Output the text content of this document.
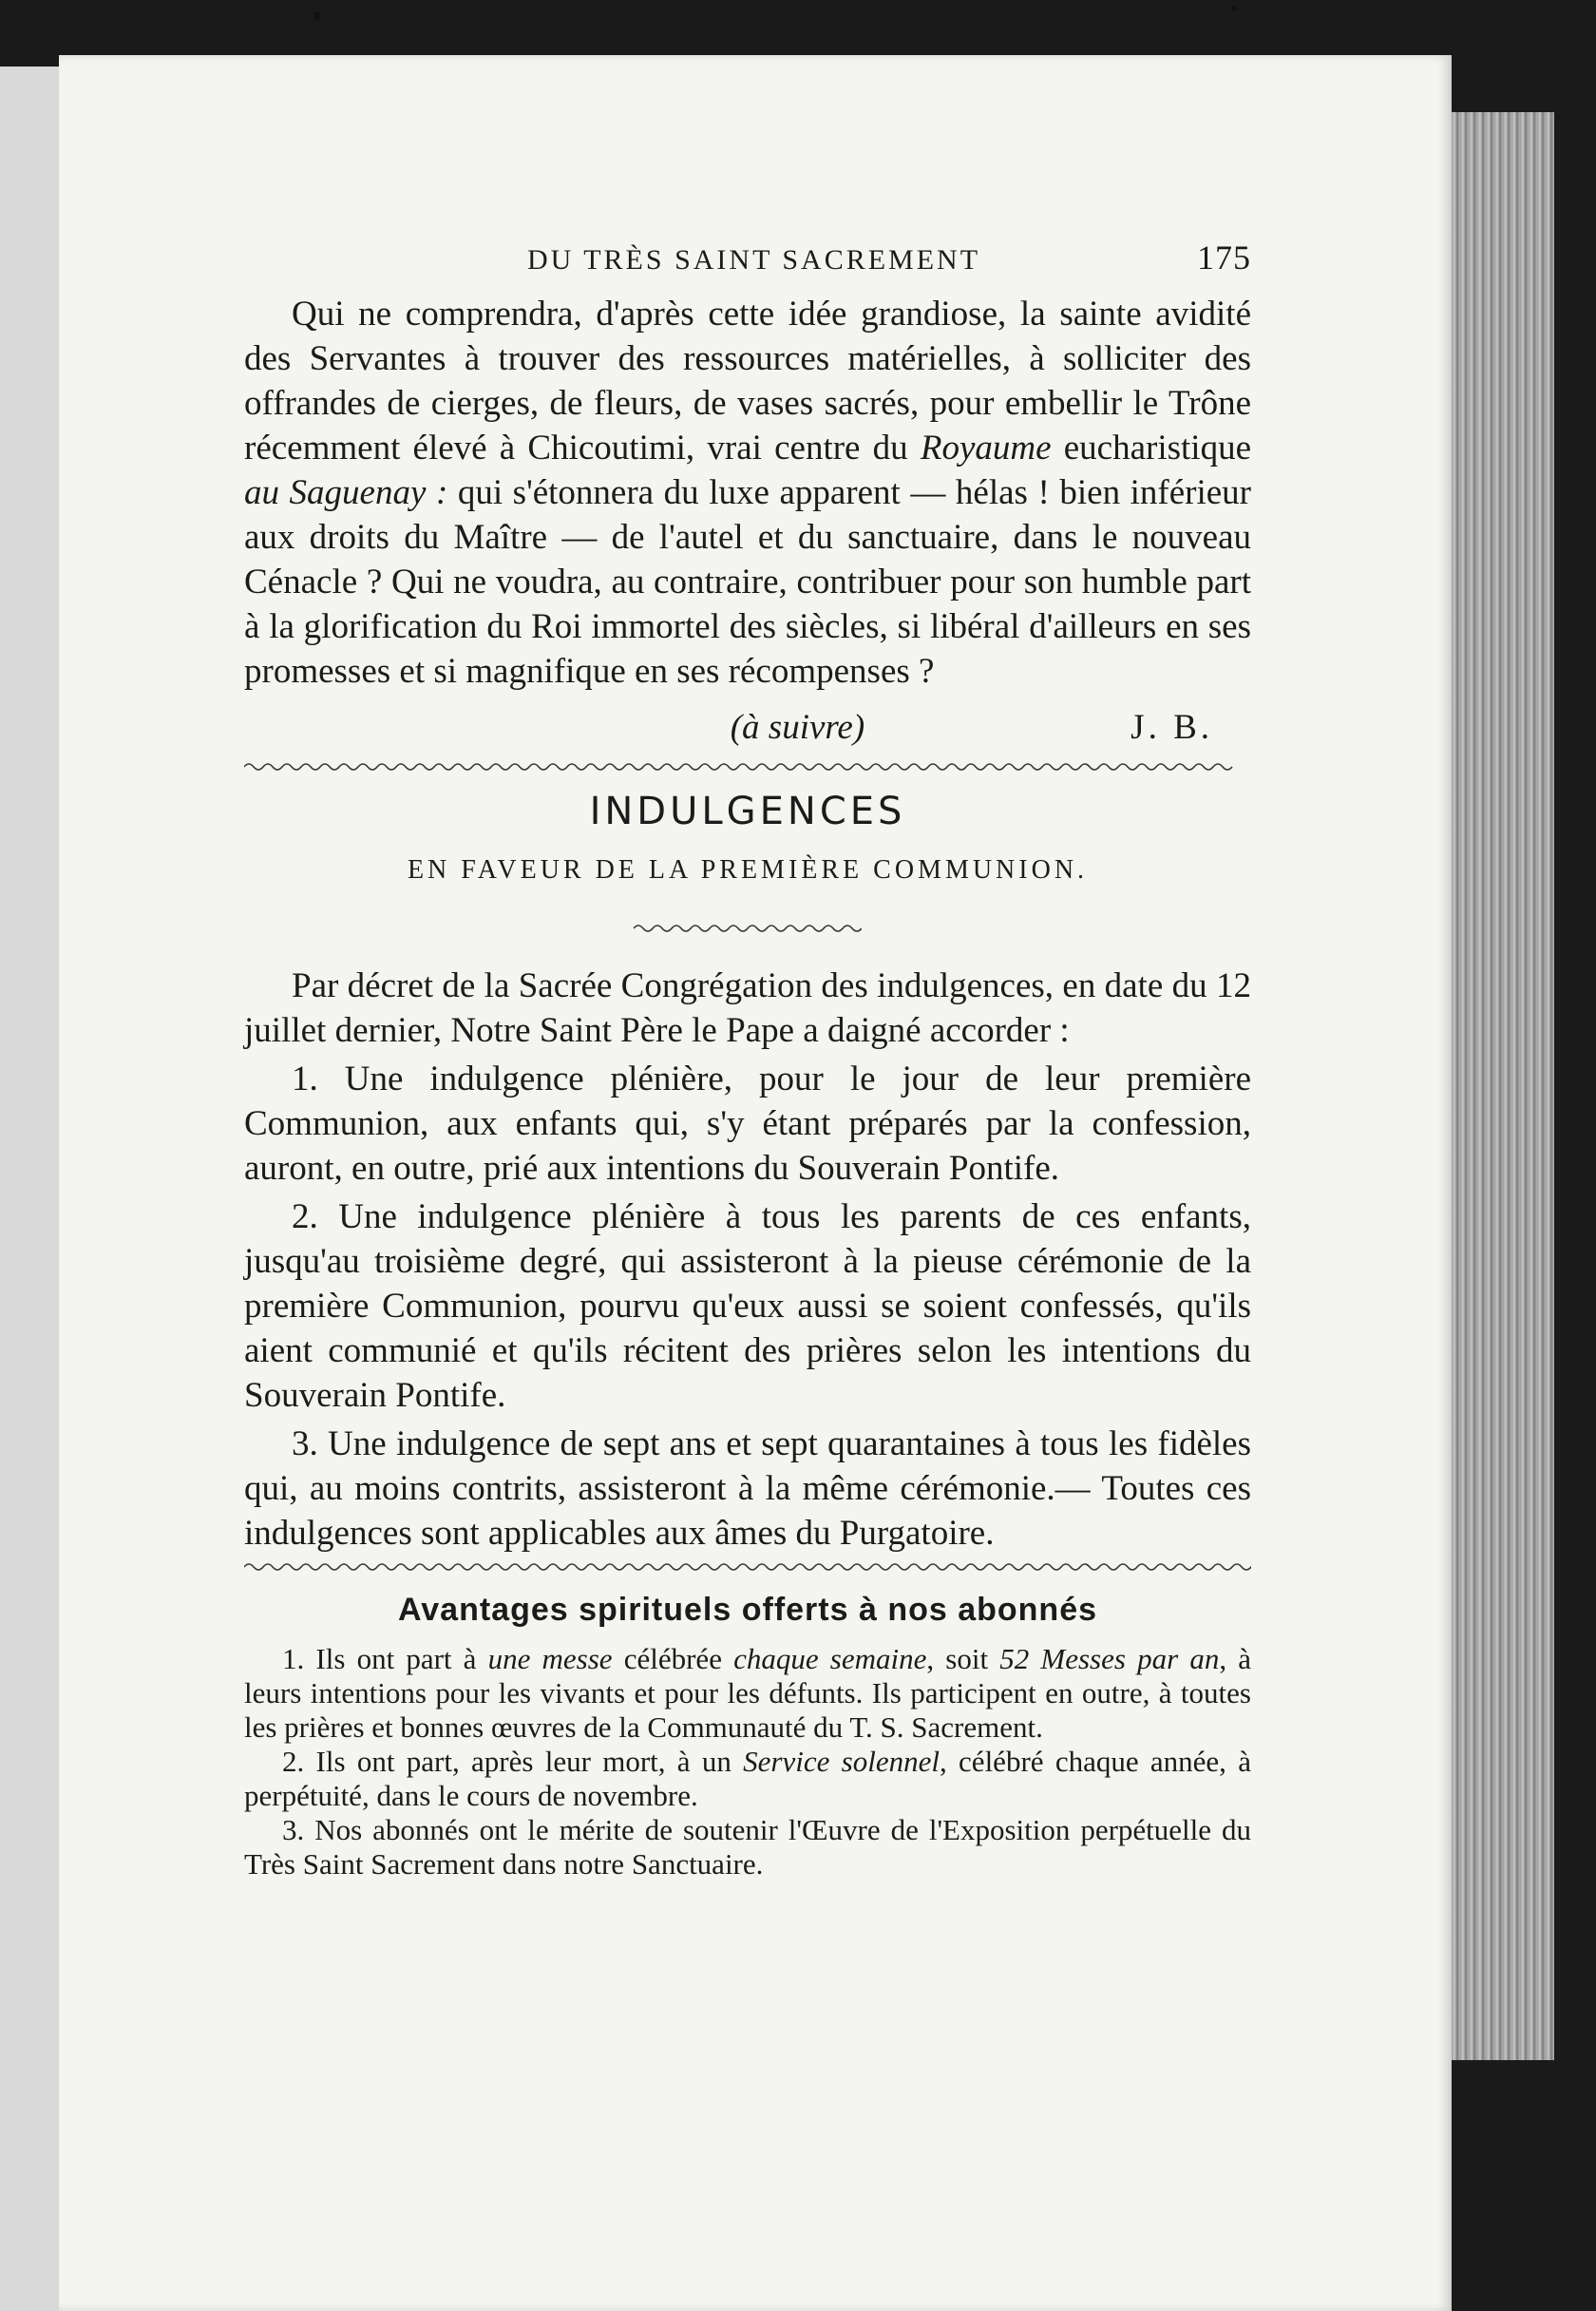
DU TRÈS SAINT SACREMENT	175

Qui ne comprendra, d'après cette idée grandiose, la sainte avidité des Servantes à trouver des ressources matérielles, à solliciter des offrandes de cierges, de fleurs, de vases sacrés, pour embellir le Trône récemment élevé à Chicoutimi, vrai centre du Royaume eucharistique au Saguenay : qui s'étonnera du luxe apparent — hélas ! bien inférieur aux droits du Maître — de l'autel et du sanctuaire, dans le nouveau Cénacle ? Qui ne voudra, au contraire, contribuer pour son humble part à la glorification du Roi immortel des siècles, si libéral d'ailleurs en ses promesses et si magnifique en ses récompenses ?

(à suivre)	J. B.
INDULGENCES
EN FAVEUR DE LA PREMIÈRE COMMUNION.

Par décret de la Sacrée Congrégation des indulgences, en date du 12 juillet dernier, Notre Saint Père le Pape a daigné accorder :

1. Une indulgence plénière, pour le jour de leur première Communion, aux enfants qui, s'y étant préparés par la confession, auront, en outre, prié aux intentions du Souverain Pontife.

2. Une indulgence plénière à tous les parents de ces enfants, jusqu'au troisième degré, qui assisteront à la pieuse cérémonie de la première Communion, pourvu qu'eux aussi se soient confessés, qu'ils aient communié et qu'ils récitent des prières selon les intentions du Souverain Pontife.

3. Une indulgence de sept ans et sept quarantaines à tous les fidèles qui, au moins contrits, assisteront à la même cérémonie.— Toutes ces indulgences sont applicables aux âmes du Purgatoire.

Avantages spirituels offerts à nos abonnés

1. Ils ont part à une messe célébrée chaque semaine, soit 52 Messes par an, à leurs intentions pour les vivants et pour les défunts. Ils participent en outre, à toutes les prières et bonnes œuvres de la Communauté du T. S. Sacrement.

2. Ils ont part, après leur mort, à un Service solennel, célébré chaque année, à perpétuité, dans le cours de novembre.

3. Nos abonnés ont le mérite de soutenir l'Œuvre de l'Exposition perpétuelle du Très Saint Sacrement dans notre Sanctuaire.
